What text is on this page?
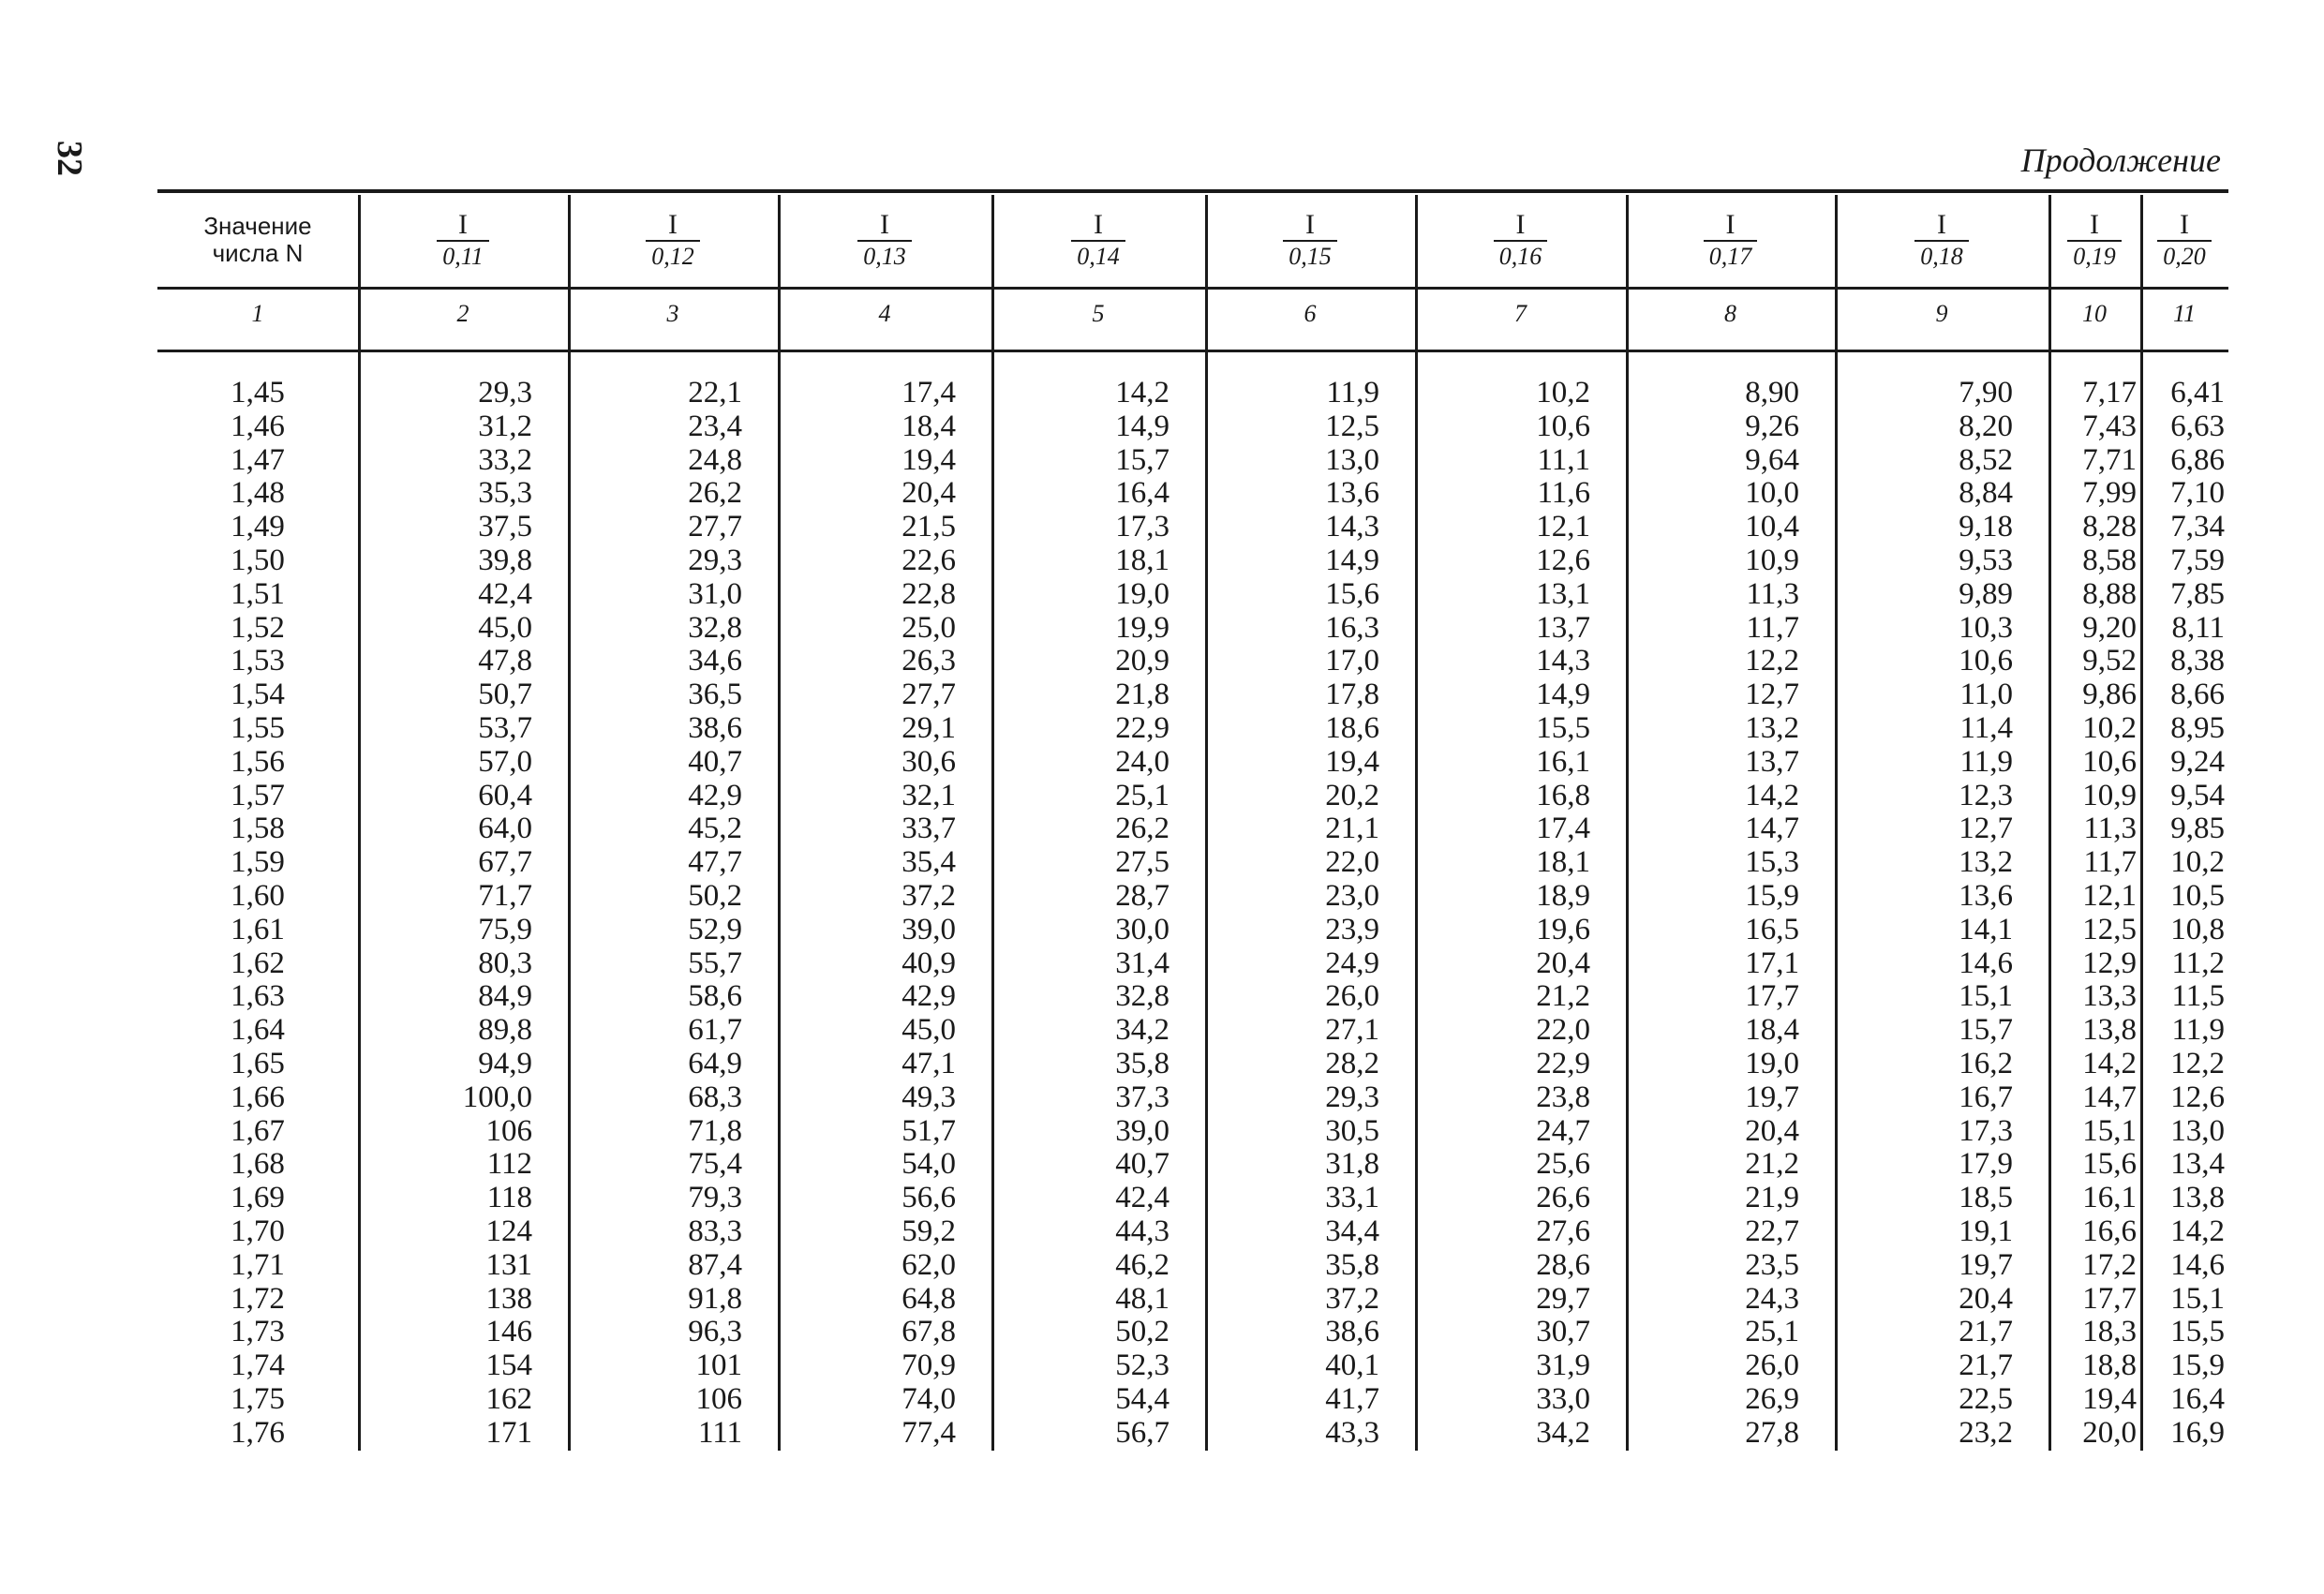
32	Продолжение
Значение
числа N
1
1,45
1,46
1,47
1,48
1,49
1,50
1,51
1,52
1,53
1,54
1,55
1,56
1,57
1,58
1,59
1,60
1,61
1,62
1,63
1,64
1,65
1,66
1,67
1,68
1,69
1,70
1,71
1,72
1,73
1,74
1,75
1,76
$\frac{I}{0,11}$
2
29,3
31,2
33,2
35,3
37,5
39,8
42,4
45,0
47,8
50,7
53,7
57,0
60,4
64,0
67,7
71,7
75,9
80,3
84,9
89,8
94,9
100,0
106
112
118
124
131
138
146
154
162
171
$\frac{I}{0,12}$
3
22,1
23,4
24,8
26,2
27,7
29,3
31,0
32,8
34,6
36,5
38,6
40,7
42,9
45,2
47,7
50,2
52,9
55,7
58,6
61,7
64,9
68,3
71,8
75,4
79,3
83,3
87,4
91,8
96,3
101
106
111
$\frac{I}{0,13}$
4
17,4
18,4
19,4
20,4
21,5
22,6
22,8
25,0
26,3
27,7
29,1
30,6
32,1
33,7
35,4
37,2
39,0
40,9
42,9
45,0
47,1
49,3
51,7
54,0
56,6
59,2
62,0
64,8
67,8
70,9
74,0
77,4
$\frac{I}{0,14}$
5
14,2
14,9
15,7
16,4
17,3
18,1
19,0
19,9
20,9
21,8
22,9
24,0
25,1
26,2
27,5
28,7
30,0
31,4
32,8
34,2
35,8
37,3
39,0
40,7
42,4
44,3
46,2
48,1
50,2
52,3
54,4
56,7
$\frac{I}{0,15}$
6
11,9
12,5
13,0
13,6
14,3
14,9
15,6
16,3
17,0
17,8
18,6
19,4
20,2
21,1
22,0
23,0
23,9
24,9
26,0
27,1
28,2
29,3
30,5
31,8
33,1
34,4
35,8
37,2
38,6
40,1
41,7
43,3
$\frac{I}{0,16}$
7
10,2
10,6
11,1
11,6
12,1
12,6
13,1
13,7
14,3
14,9
15,5
16,1
16,8
17,4
18,1
18,9
19,6
20,4
21,2
22,0
22,9
23,8
24,7
25,6
26,6
27,6
28,6
29,7
30,7
31,9
33,0
34,2
$\frac{I}{0,17}$
8
8,90
9,26
9,64
10,0
10,4
10,9
11,3
11,7
12,2
12,7
13,2
13,7
14,2
14,7
15,3
15,9
16,5
17,1
17,7
18,4
19,0
19,7
20,4
21,2
21,9
22,7
23,5
24,3
25,1
26,0
26,9
27,8
$\frac{I}{0,18}$
9
7,90
8,20
8,52
8,84
9,18
9,53
9,89
10,3
10,6
11,0
11,4
11,9
12,3
12,7
13,2
13,6
14,1
14,6
15,1
15,7
16,2
16,7
17,3
17,9
18,5
19,1
19,7
20,4
21,7
21,7
22,5
23,2
$\frac{I}{0,19}$
10
7,17
7,43
7,71
7,99
8,28
8,58
8,88
9,20
9,52
9,86
10,2
10,6
10,9
11,3
11,7
12,1
12,5
12,9
13,3
13,8
14,2
14,7
15,1
15,6
16,1
16,6
17,2
17,7
18,3
18,8
19,4
20,0
$\frac{I}{0,20}$
11
6,41
6,63
6,86
7,10
7,34
7,59
7,85
8,11
8,38
8,66
8,95
9,24
9,54
9,85
10,2
10,5
10,8
11,2
11,5
11,9
12,2
12,6
13,0
13,4
13,8
14,2
14,6
15,1
15,5
15,9
16,4
16,9
